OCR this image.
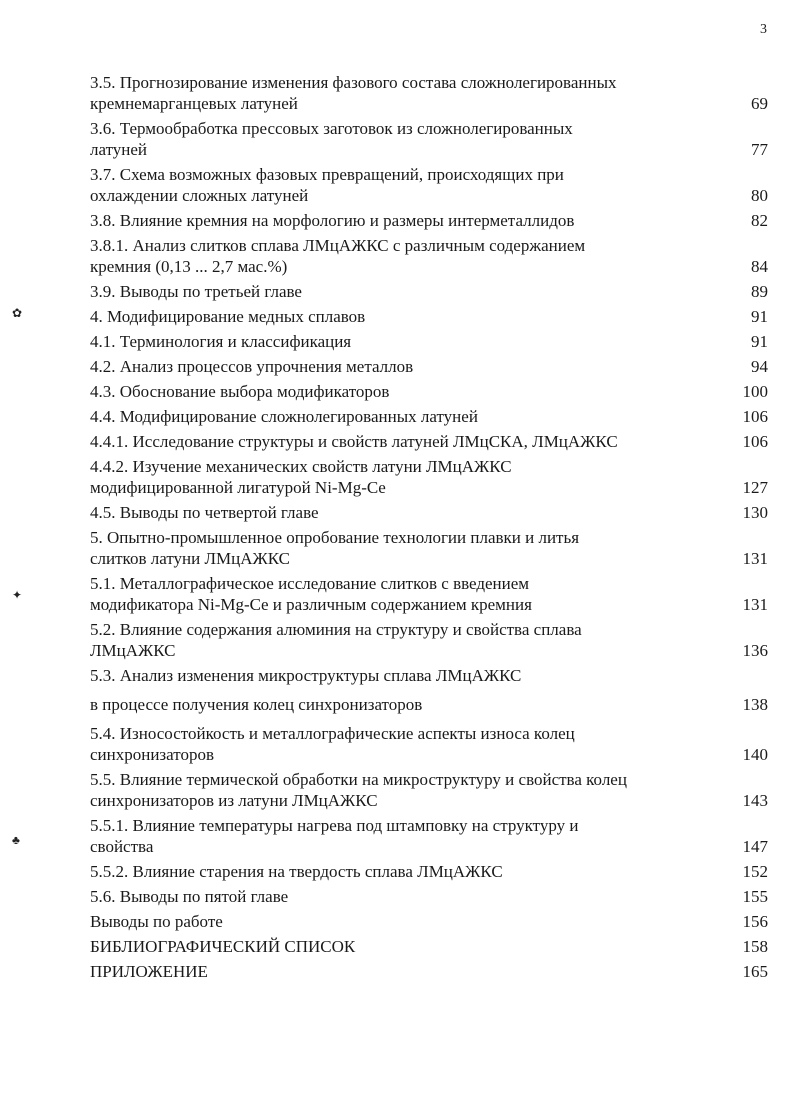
3
✿
✦
♣
3.5. Прогнозирование изменения фазового состава сложнолегированных
кремнемарганцевых латуней	69
3.6. Термообработка прессовых заготовок из сложнолегированных
латуней	77
3.7. Схема возможных фазовых превращений, происходящих при
охлаждении сложных латуней	80
3.8. Влияние кремния на морфологию и размеры интерметаллидов	82
3.8.1. Анализ слитков сплава ЛМцАЖКС с различным содержанием
кремния (0,13 ... 2,7 мас.%)	84
3.9. Выводы по третьей главе	89
4. Модифицирование медных сплавов	91
4.1. Терминология и классификация	91
4.2. Анализ процессов упрочнения металлов	94
4.3. Обоснование выбора модификаторов	100
4.4. Модифицирование сложнолегированных латуней	106
4.4.1. Исследование структуры и свойств латуней ЛМцСКА, ЛМцАЖКС	106
4.4.2. Изучение механических свойств латуни ЛМцАЖКС
модифицированной лигатурой Ni-Mg-Ce	127
4.5. Выводы по четвертой главе	130
5. Опытно-промышленное опробование технологии плавки и литья
слитков латуни ЛМцАЖКС	131
5.1. Металлографическое исследование слитков с введением
модификатора Ni-Mg-Ce и различным содержанием кремния	131
5.2. Влияние содержания алюминия на структуру и свойства сплава
ЛМцАЖКС	136
5.3. Анализ изменения микроструктуры сплава ЛМцАЖКС
в процессе получения колец синхронизаторов	138
5.4. Износостойкость и металлографические аспекты износа колец
синхронизаторов	140
5.5. Влияние термической обработки на микроструктуру и свойства колец
синхронизаторов из латуни ЛМцАЖКС	143
5.5.1. Влияние температуры нагрева под штамповку на структуру и
свойства	147
5.5.2. Влияние старения на твердость сплава ЛМцАЖКС	152
5.6. Выводы по пятой главе	155
Выводы по работе	156
БИБЛИОГРАФИЧЕСКИЙ СПИСОК	158
ПРИЛОЖЕНИЕ	165
